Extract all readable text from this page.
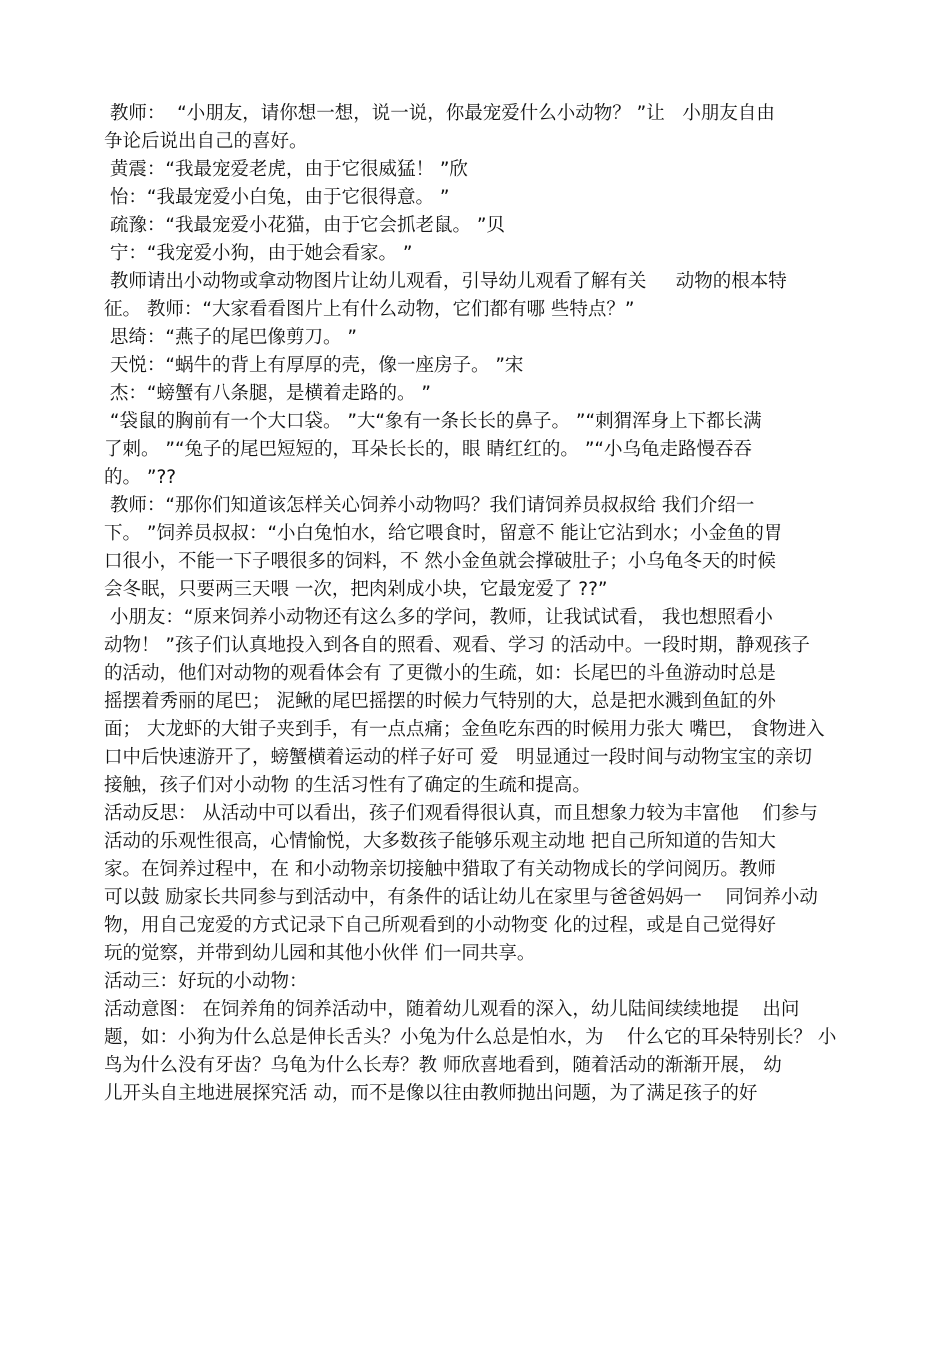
教师：  “小朋友，请你想一想，说一说，你最宠爱什么小动物？ ”让   小朋友自由
争论后说出自己的喜好。
黄震：“我最宠爱老虎，由于它很威猛！ ”欣
怡：“我最宠爱小白兔，由于它很得意。 ”
疏豫：“我最宠爱小花猫，由于它会抓老鼠。 ”贝
宁：“我宠爱小狗，由于她会看家。 ”
教师请出小动物或拿动物图片让幼儿观看，引导幼儿观看了解有关     动物的根本特
征。 教师：“大家看看图片上有什么动物，它们都有哪 些特点？”
思绮：“燕子的尾巴像剪刀。 ”
天悦：“蜗牛的背上有厚厚的壳，像一座房子。 ”宋
杰：“螃蟹有八条腿，是横着走路的。 ”
“袋鼠的胸前有一个大口袋。 ”大“象有一条长长的鼻子。 ”“刺猬浑身上下都长满
了刺。 ”“兔子的尾巴短短的，耳朵长长的，眼 睛红红的。 ”“小乌龟走路慢吞吞
的。 ”??
教师：“那你们知道该怎样关心饲养小动物吗？我们请饲养员叔叔给 我们介绍一
下。 ”饲养员叔叔：“小白兔怕水，给它喂食时，留意不 能让它沾到水；小金鱼的胃
口很小，不能一下子喂很多的饲料，不 然小金鱼就会撑破肚子；小乌龟冬天的时候
会冬眠，只要两三天喂 一次，把肉剁成小块，它最宠爱了 ??”
小朋友：“原来饲养小动物还有这么多的学问，教师，让我试试看， 我也想照看小
动物！ ”孩子们认真地投入到各自的照看、观看、学习 的活动中。一段时期，静观孩子
的活动，他们对动物的观看体会有 了更微小的生疏，如：长尾巴的斗鱼游动时总是
摇摆着秀丽的尾巴； 泥鳅的尾巴摇摆的时候力气特别的大，总是把水溅到鱼缸的外
面； 大龙虾的大钳子夹到手，有一点点痛；金鱼吃东西的时候用力张大 嘴巴， 食物进入
口中后快速游开了，螃蟹横着运动的样子好可 爱   明显通过一段时间与动物宝宝的亲切
接触，孩子们对小动物 的生活习性有了确定的生疏和提高。
活动反思： 从活动中可以看出，孩子们观看得很认真，而且想象力较为丰富他    们参与
活动的乐观性很高，心情愉悦，大多数孩子能够乐观主动地 把自己所知道的告知大
家。在饲养过程中，在 和小动物亲切接触中猎取了有关动物成长的学问阅历。教师
可以鼓 励家长共同参与到活动中，有条件的话让幼儿在家里与爸爸妈妈一    同饲养小动
物，用自己宠爱的方式记录下自己所观看到的小动物变 化的过程，或是自己觉得好
玩的觉察，并带到幼儿园和其他小伙伴 们一同共享。
活动三：好玩的小动物：
活动意图： 在饲养角的饲养活动中，随着幼儿观看的深入，幼儿陆间续续地提    出问
题，如：小狗为什么总是伸长舌头？小兔为什么总是怕水，为    什么它的耳朵特别长？ 小
鸟为什么没有牙齿？乌龟为什么长寿？教 师欣喜地看到，随着活动的渐渐开展， 幼
儿开头自主地进展探究活 动，而不是像以往由教师抛出问题，为了满足孩子的好
